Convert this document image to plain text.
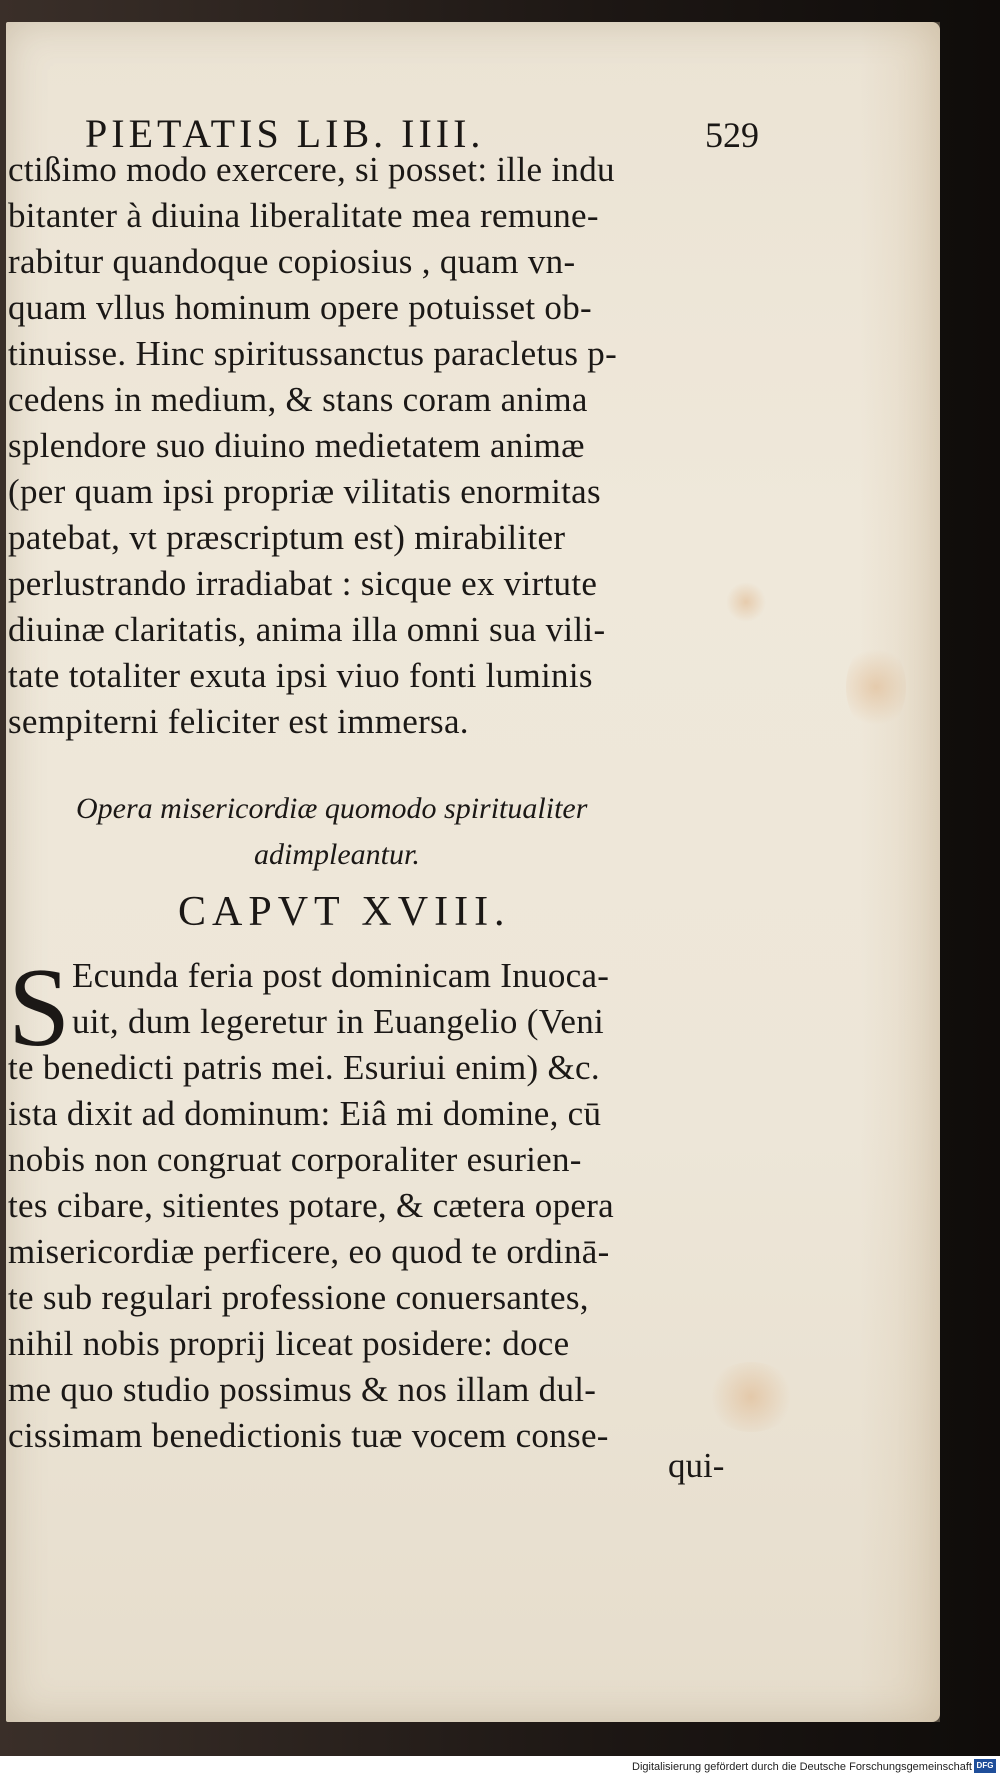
PIETATIS LIB. IIII.	529
ctißimo modo exercere, si posset: ille indu
bitanter à diuina liberalitate mea remune-
rabitur quandoque copiosius , quam vn-
quam vllus hominum opere potuisset ob-
tinuisse. Hinc spiritussanctus paracletus p-
cedens in medium, & stans coram anima
splendore suo diuino medietatem animæ
(per quam ipsi propriæ vilitatis enormitas
patebat, vt præscriptum est) mirabiliter
perlustrando irradiabat : sicque ex virtute
diuinæ claritatis, anima illa omni sua vili-
tate totaliter exuta ipsi viuo fonti luminis
sempiterni feliciter est immersa.
Opera misericordiæ quomodo spiritualiter
adimpleantur.
CAPVT XVIII.
S Ecunda feria post dominicam Inuoca-
uit, dum legeretur in Euangelio (Veni
te benedicti patris mei. Esuriui enim) &c.
ista dixit ad dominum: Eiâ mi domine, cū
nobis non congruat corporaliter esurien-
tes cibare, sitientes potare, & cætera opera
misericordiæ perficere, eo quod te ordinā-
te sub regulari professione conuersantes,
nihil nobis proprij liceat posidere: doce
me quo studio possimus & nos illam dul-
cissimam benedictionis tuæ vocem conse-
qui-
Digitalisierung gefördert durch die Deutsche Forschungsgemeinschaft DFG
